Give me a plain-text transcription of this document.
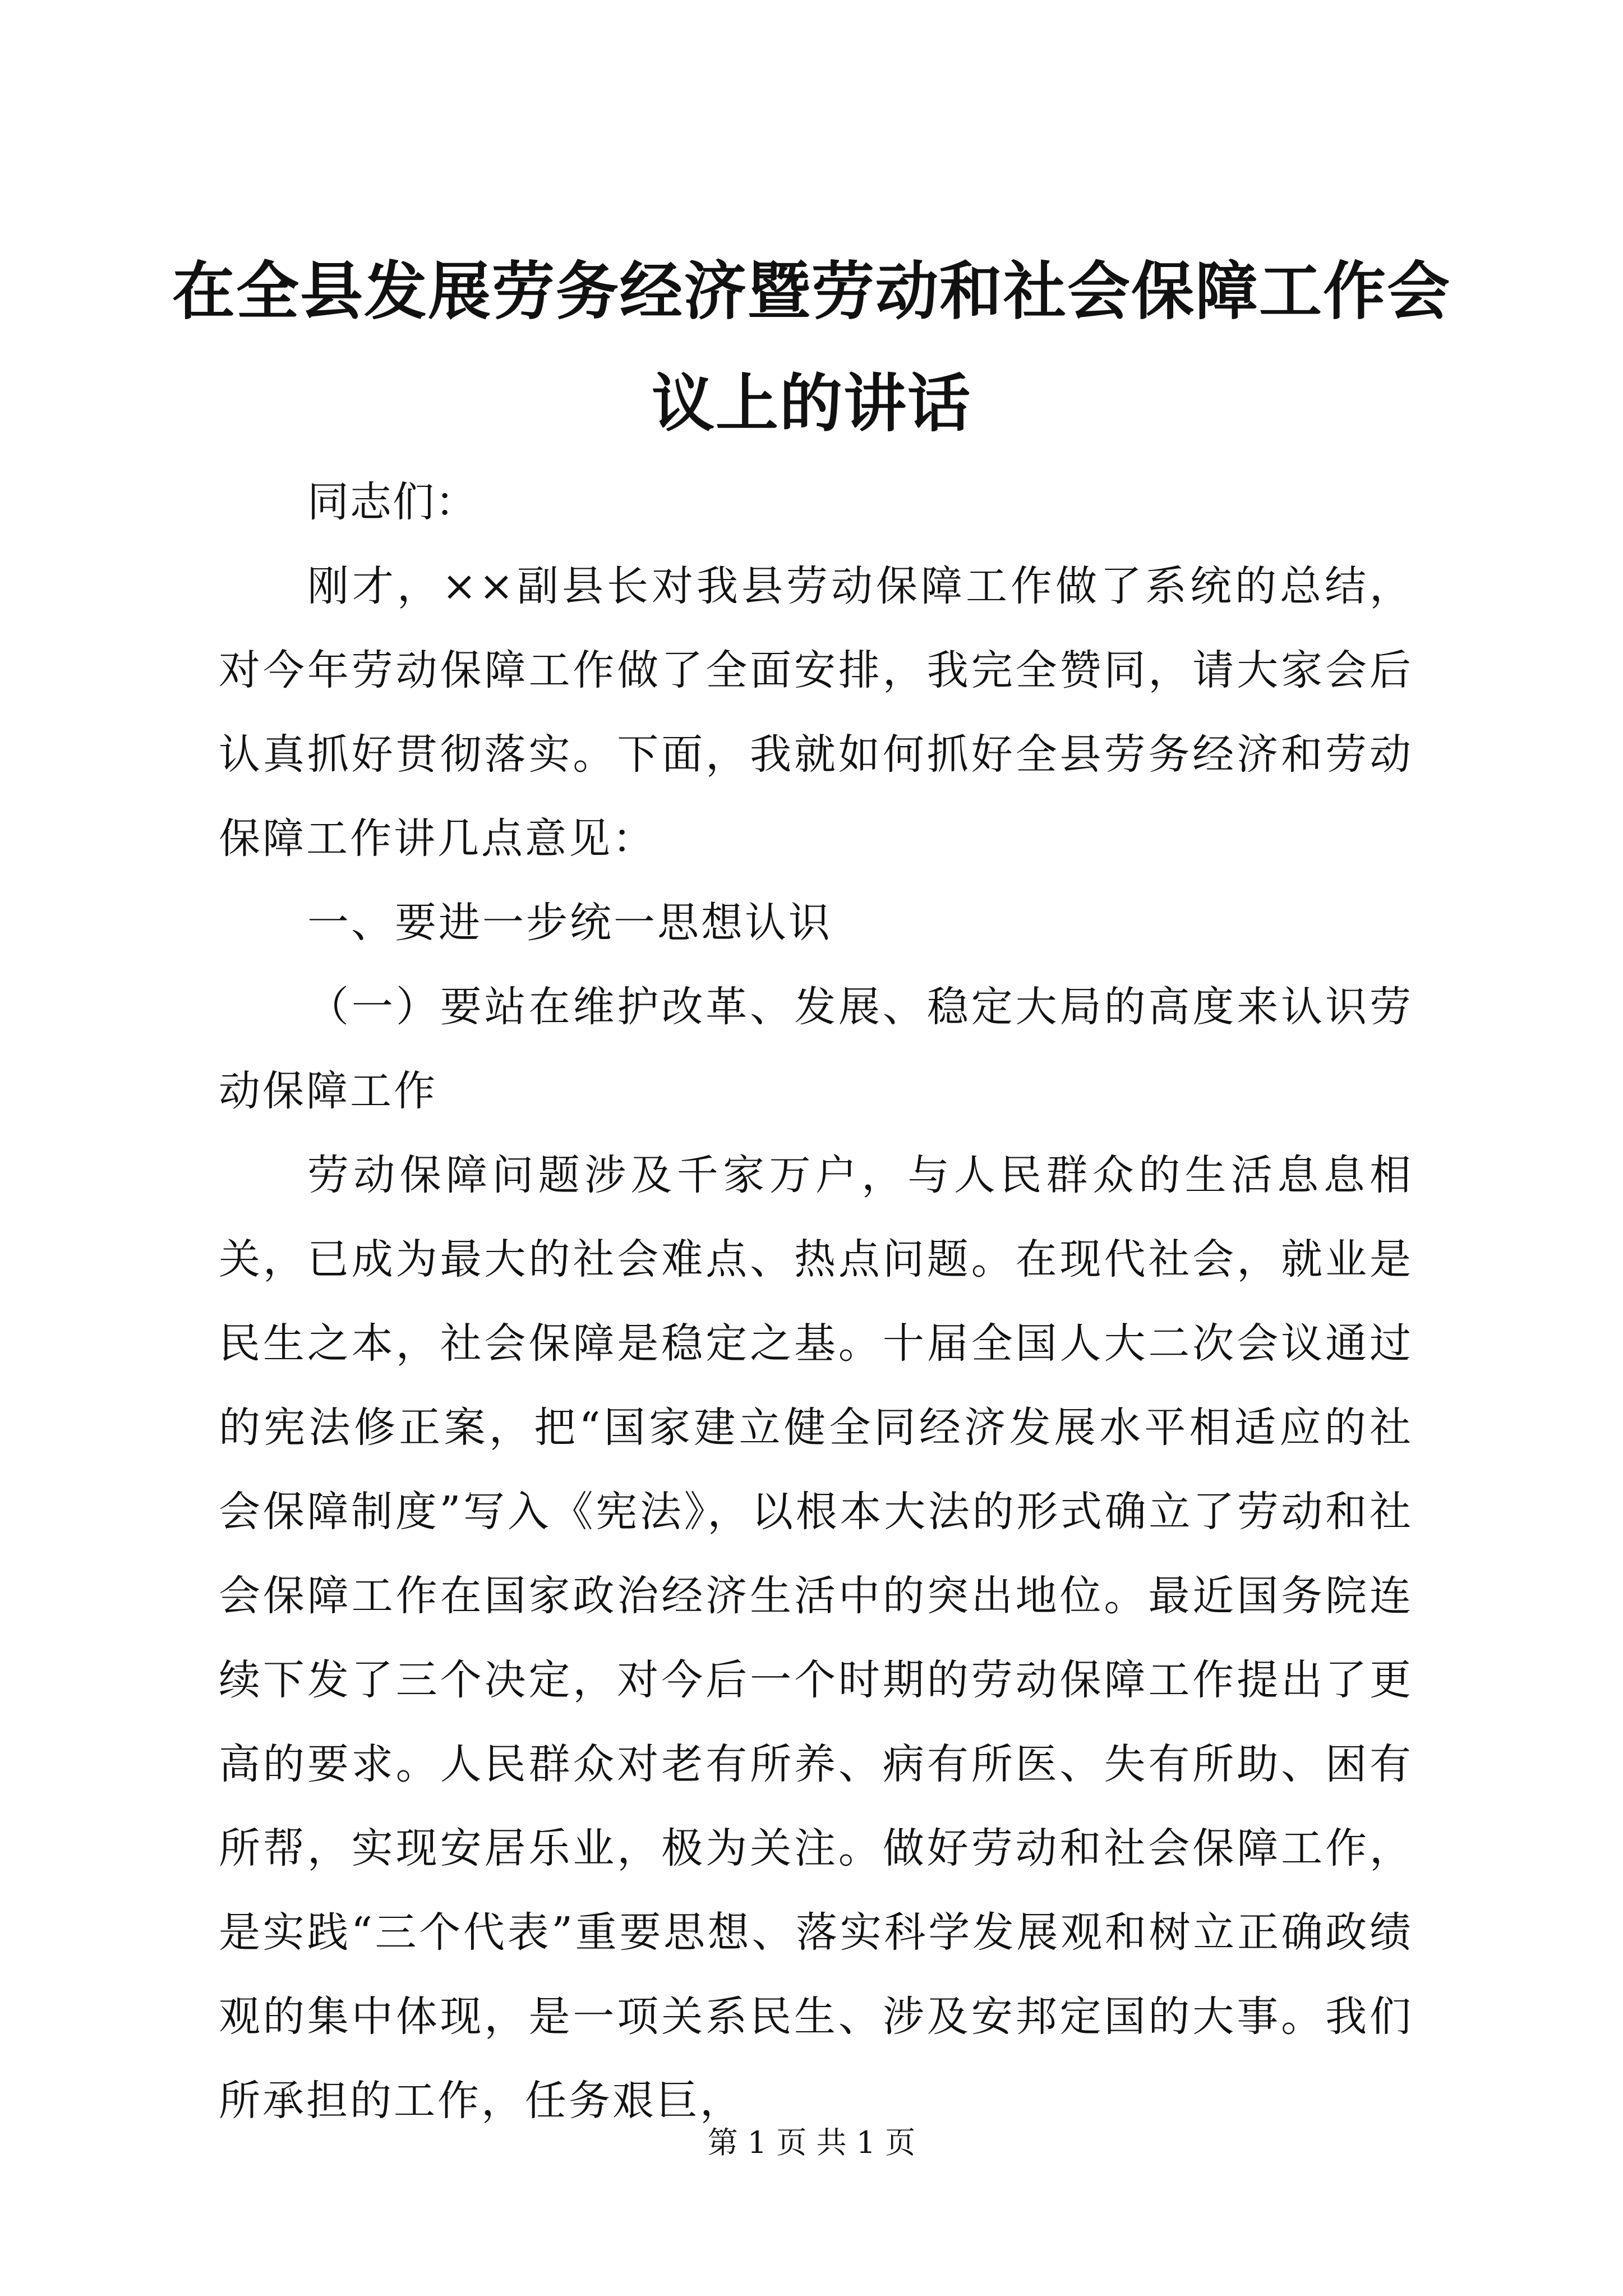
在全县发展劳务经济暨劳动和社会保障工作会议上的讲话

同志们：

刚才，××副县长对我县劳动保障工作做了系统的总结，对今年劳动保障工作做了全面安排，我完全赞同，请大家会后认真抓好贯彻落实。下面，我就如何抓好全县劳务经济和劳动保障工作讲几点意见：

一、要进一步统一思想认识

（一）要站在维护改革、发展、稳定大局的高度来认识劳动保障工作

劳动保障问题涉及千家万户，与人民群众的生活息息相关，已成为最大的社会难点、热点问题。在现代社会，就业是民生之本，社会保障是稳定之基。十届全国人大二次会议通过的宪法修正案，把“国家建立健全同经济发展水平相适应的社会保障制度”写入《宪法》，以根本大法的形式确立了劳动和社会保障工作在国家政治经济生活中的突出地位。最近国务院连续下发了三个决定，对今后一个时期的劳动保障工作提出了更高的要求。人民群众对老有所养、病有所医、失有所助、困有所帮，实现安居乐业，极为关注。做好劳动和社会保障工作，是实践“三个代表”重要思想、落实科学发展观和树立正确政绩观的集中体现，是一项关系民生、涉及安邦定国的大事。我们所承担的工作，任务艰巨，

第 1 页 共 1 页
